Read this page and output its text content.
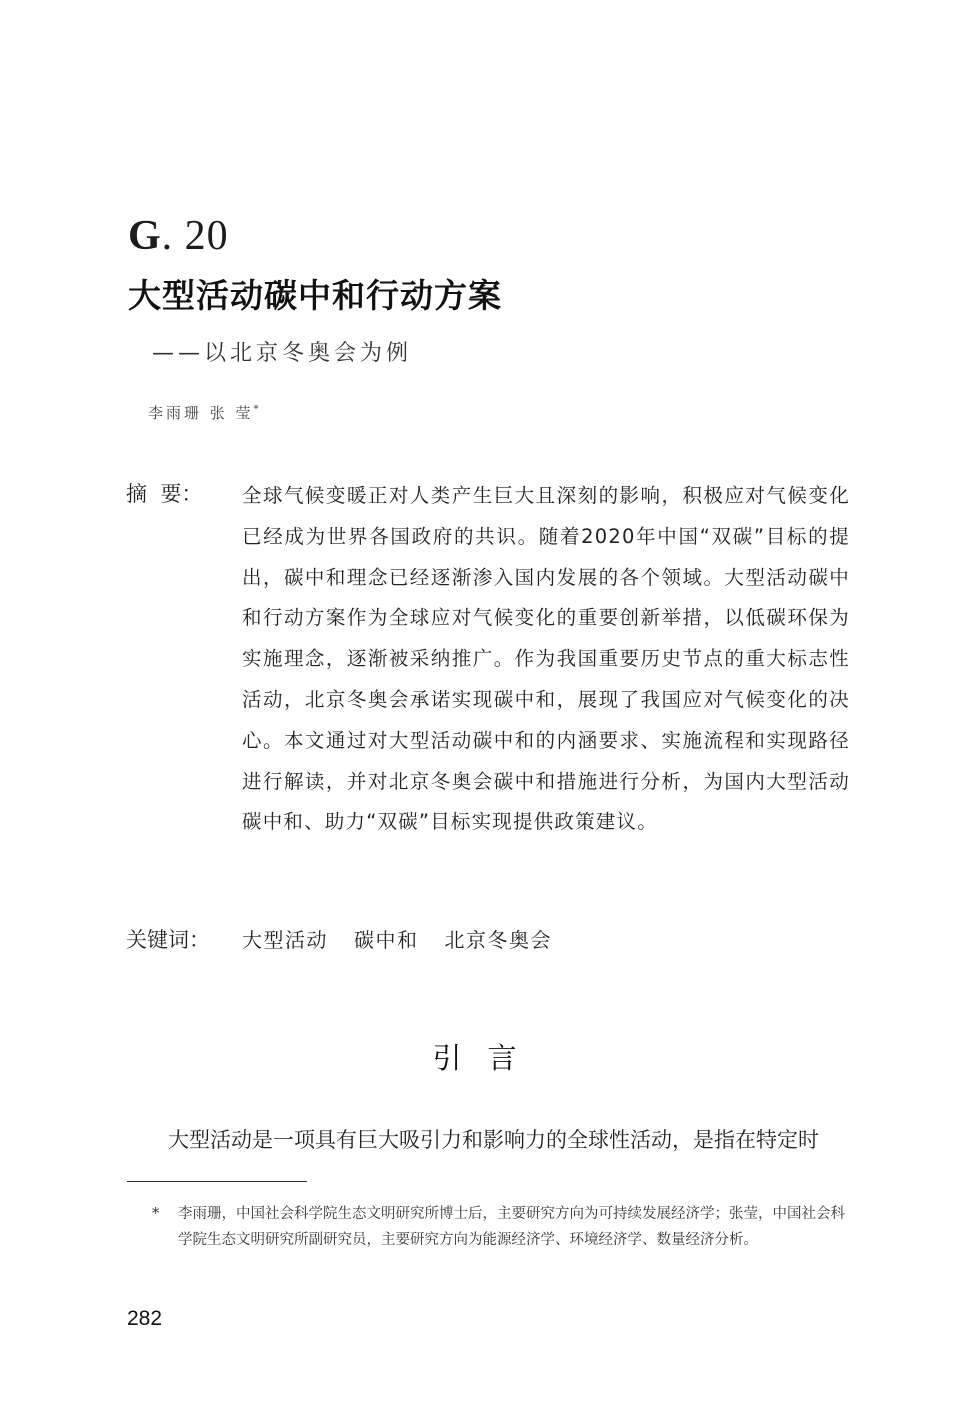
G. 20
大型活动碳中和行动方案
——以北京冬奥会为例
李雨珊 张 莹*
摘  要： 全球气候变暖正对人类产生巨大且深刻的影响，积极应对气候变化已经成为世界各国政府的共识。随着2020年中国“双碳”目标的提出，碳中和理念已经逐渐渗入国内发展的各个领域。大型活动碳中和行动方案作为全球应对气候变化的重要创新举措，以低碳环保为实施理念，逐渐被采纳推广。作为我国重要历史节点的重大标志性活动，北京冬奥会承诺实现碳中和，展现了我国应对气候变化的决心。本文通过对大型活动碳中和的内涵要求、实施流程和实现路径进行解读，并对北京冬奥会碳中和措施进行分析，为国内大型活动碳中和、助力“双碳”目标实现提供政策建议。
关键词： 大型活动 碳中和 北京冬奥会
引言
大型活动是一项具有巨大吸引力和影响力的全球性活动，是指在特定时
*	李雨珊，中国社会科学院生态文明研究所博士后，主要研究方向为可持续发展经济学；张莹，中国社会科学院生态文明研究所副研究员，主要研究方向为能源经济学、环境经济学、数量经济分析。
282
